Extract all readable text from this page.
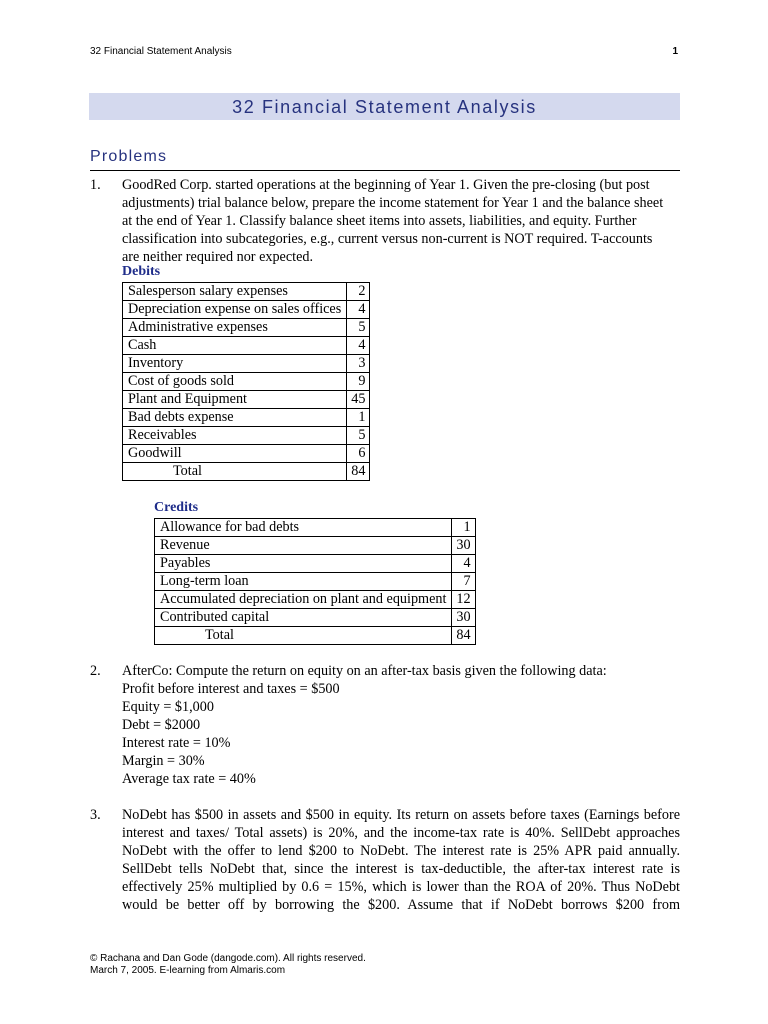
32 Financial Statement Analysis	1
32 Financial Statement Analysis
Problems
1. GoodRed Corp. started operations at the beginning of Year 1. Given the pre-closing (but post
adjustments) trial balance below, prepare the income statement for Year 1 and the balance sheet
at the end of Year 1. Classify balance sheet items into assets, liabilities, and equity. Further
classification into subcategories, e.g., current versus non-current is NOT required. T-accounts
are neither required nor expected.
Debits
Salesperson salary expenses	2
Depreciation expense on sales offices	4
Administrative expenses	5
Cash	4
Inventory	3
Cost of goods sold	9
Plant and Equipment	45
Bad debts expense	1
Receivables	5
Goodwill	6
Total	84
Credits
Allowance for bad debts	1
Revenue	30
Payables	4
Long-term loan	7
Accumulated depreciation on plant and equipment	12
Contributed capital	30
Total	84
2. AfterCo: Compute the return on equity on an after-tax basis given the following data:
Profit before interest and taxes = $500
Equity = $1,000
Debt = $2000
Interest rate = 10%
Margin = 30%
Average tax rate = 40%
3. NoDebt has $500 in assets and $500 in equity. Its return on assets before taxes (Earnings before
interest and taxes/ Total assets) is 20%, and the income-tax rate is 40%. SellDebt approaches
NoDebt with the offer to lend $200 to NoDebt. The interest rate is 25% APR paid annually.
SellDebt tells NoDebt that, since the interest is tax-deductible, the after-tax interest rate is
effectively 25% multiplied by 0.6 = 15%, which is lower than the ROA of 20%. Thus NoDebt
would be better off by borrowing the $200. Assume that if NoDebt borrows $200 from
© Rachana and Dan Gode (dangode.com). All rights reserved.
March 7, 2005. E-learning from Almaris.com
